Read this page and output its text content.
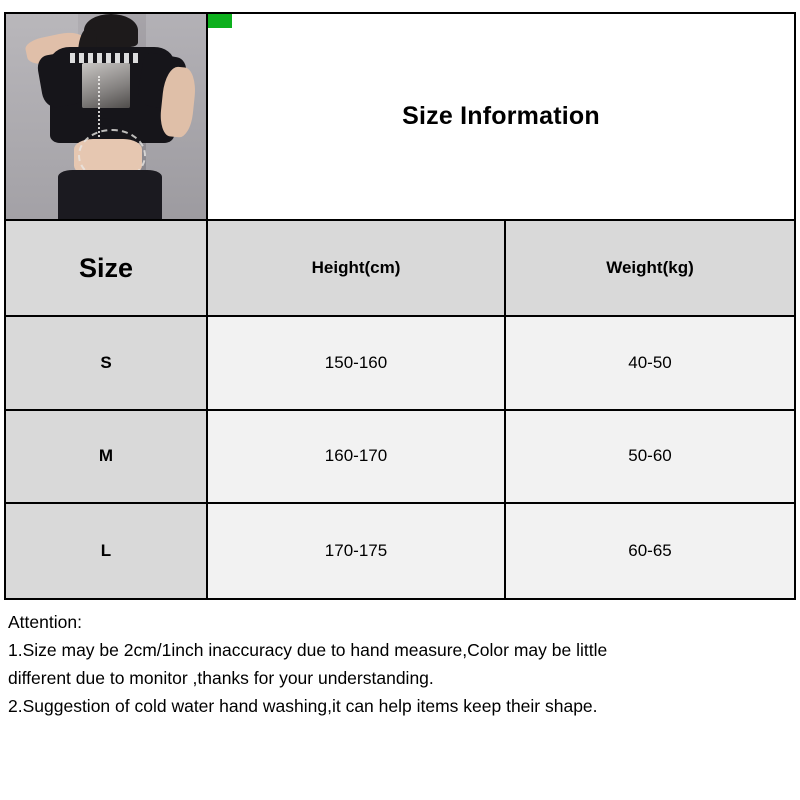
Size Information
Size	Height(cm)	Weight(kg)
S	150-160	40-50
M	160-170	50-60
L	170-175	60-65
Attention:
1.Size may be 2cm/1inch inaccuracy due to hand measure,Color may be little
different due to monitor ,thanks for your understanding.
2.Suggestion of cold water hand washing,it can help items keep their shape.
